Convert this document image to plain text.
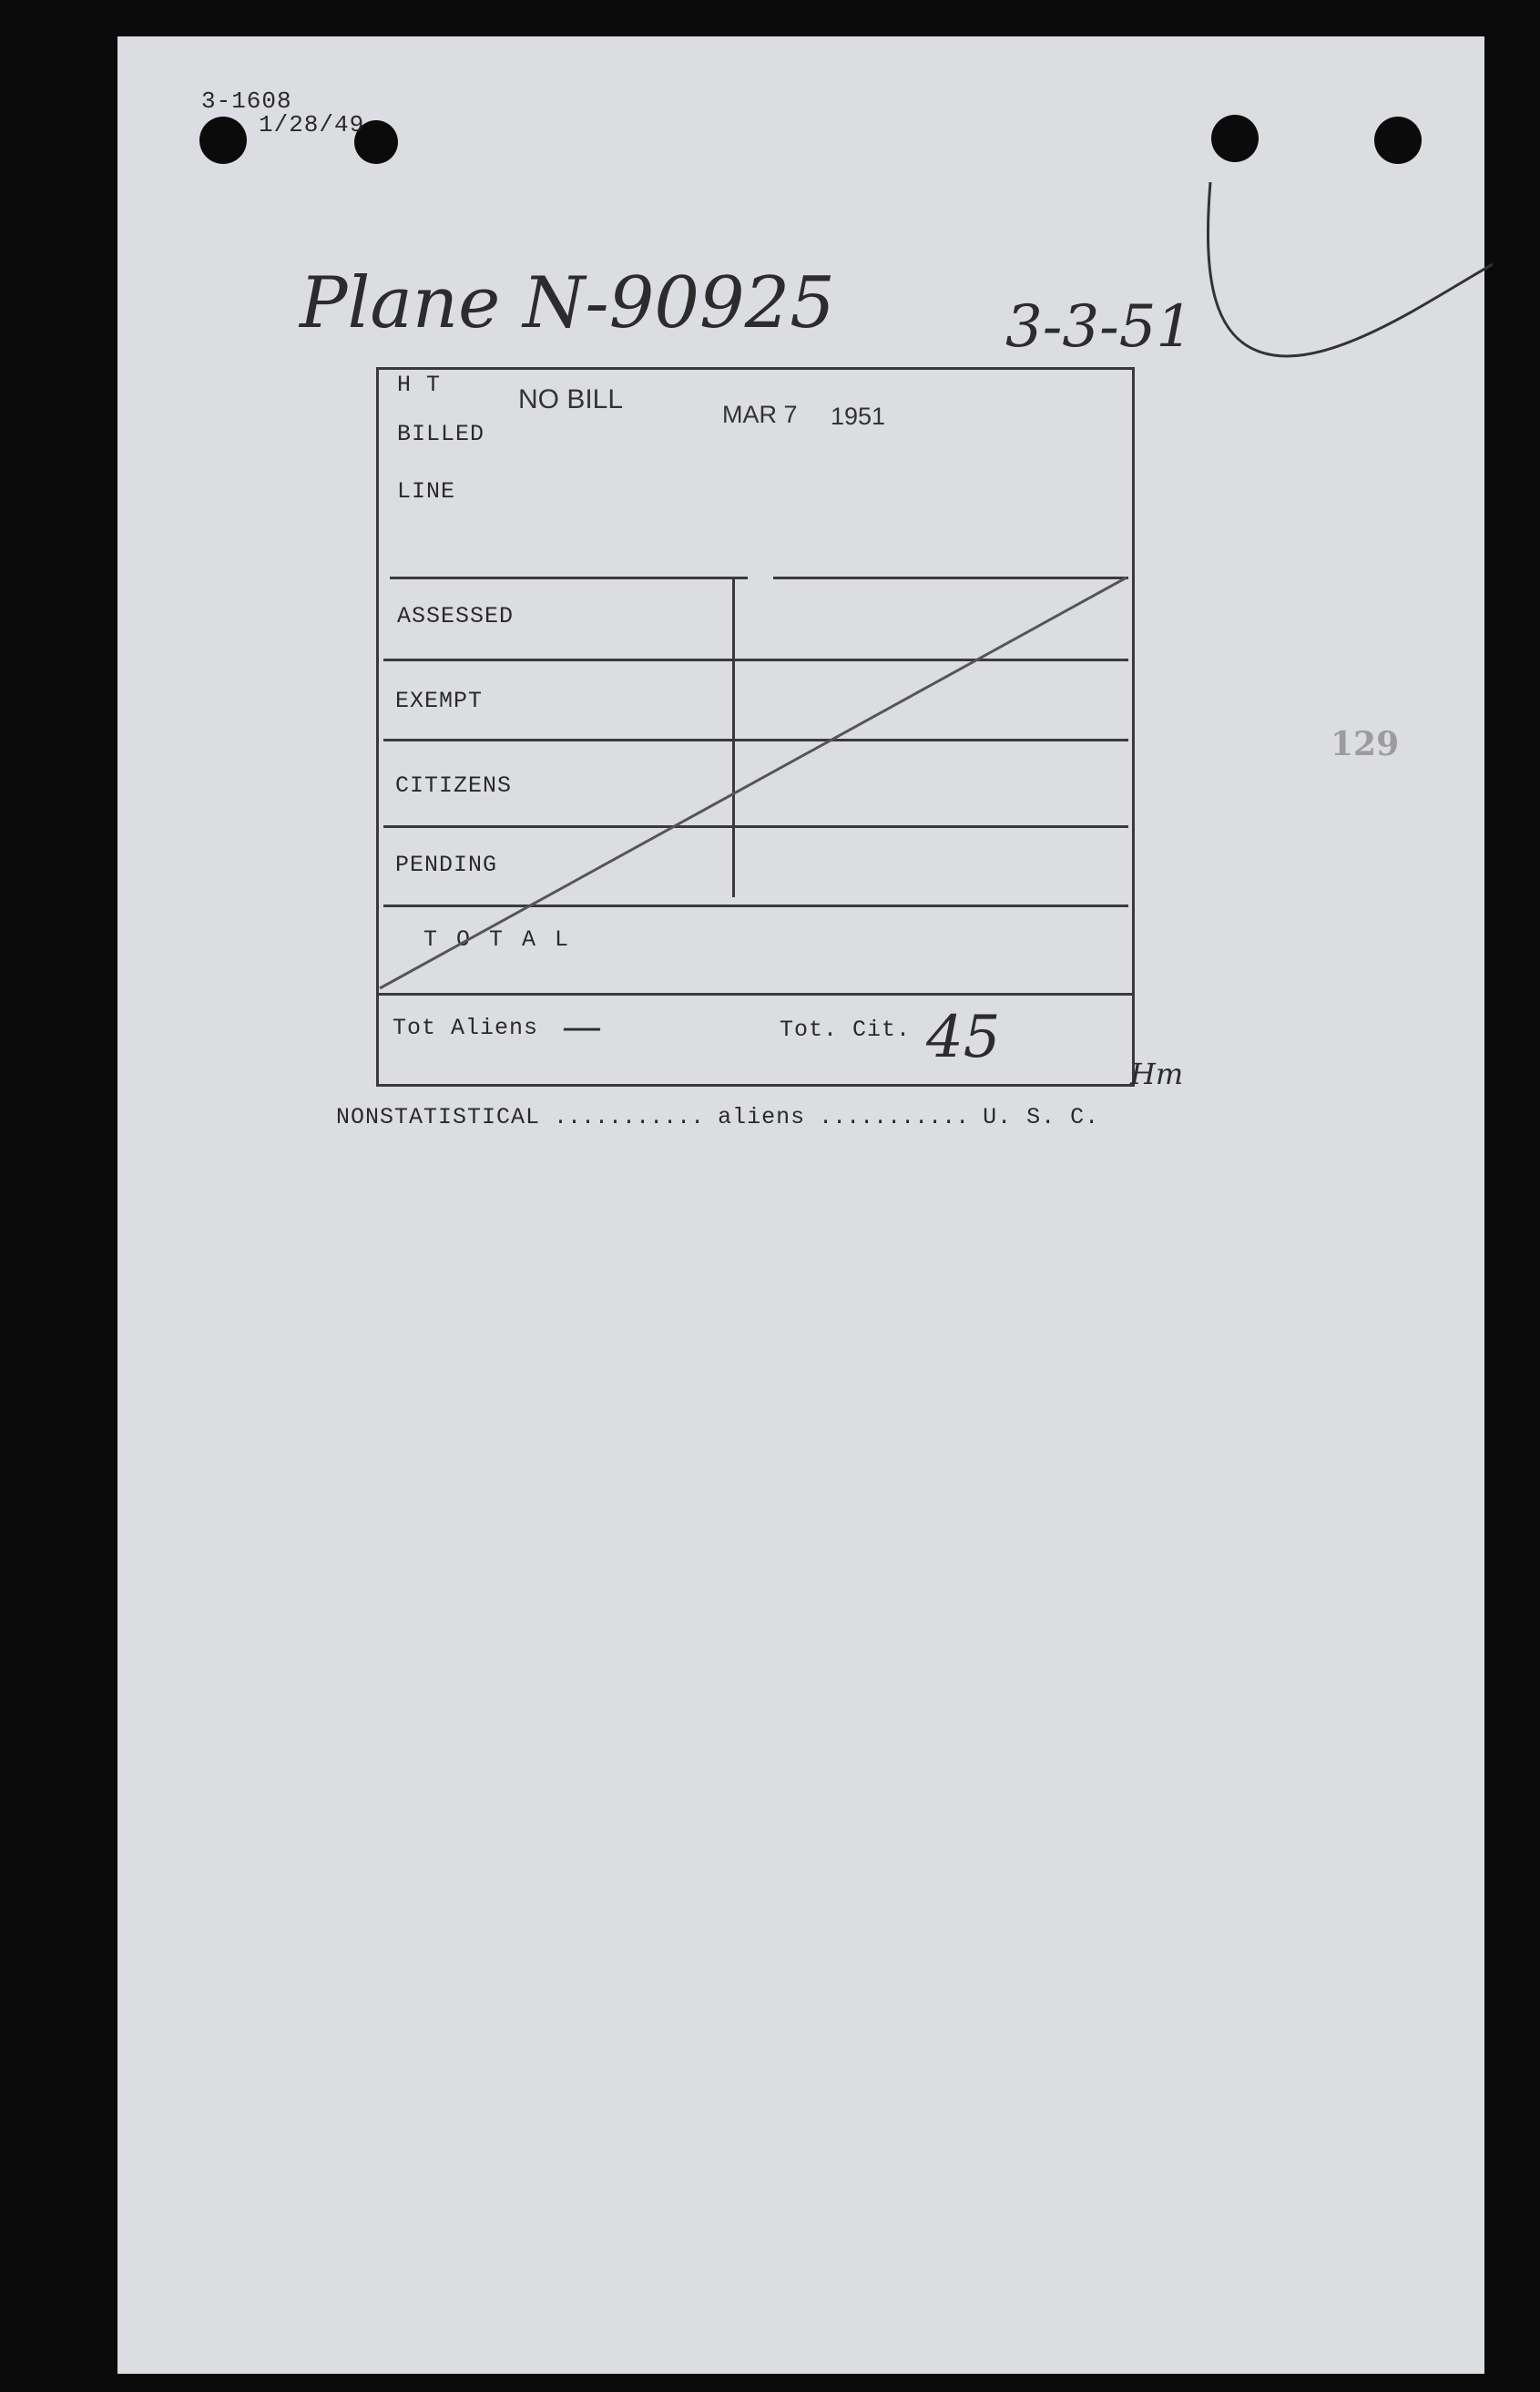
3-1608
1/28/49
Plane N-90925	3-3-51
H T
BILLED
LINE
NO BILL	MAR 7 1951
ASSESSED
EXEMPT
CITIZENS
PENDING
T O T A L
Tot Aliens —	Tot. Cit. 45
Hm
NONSTATISTICAL ........... aliens ........... U. S. C.
129
